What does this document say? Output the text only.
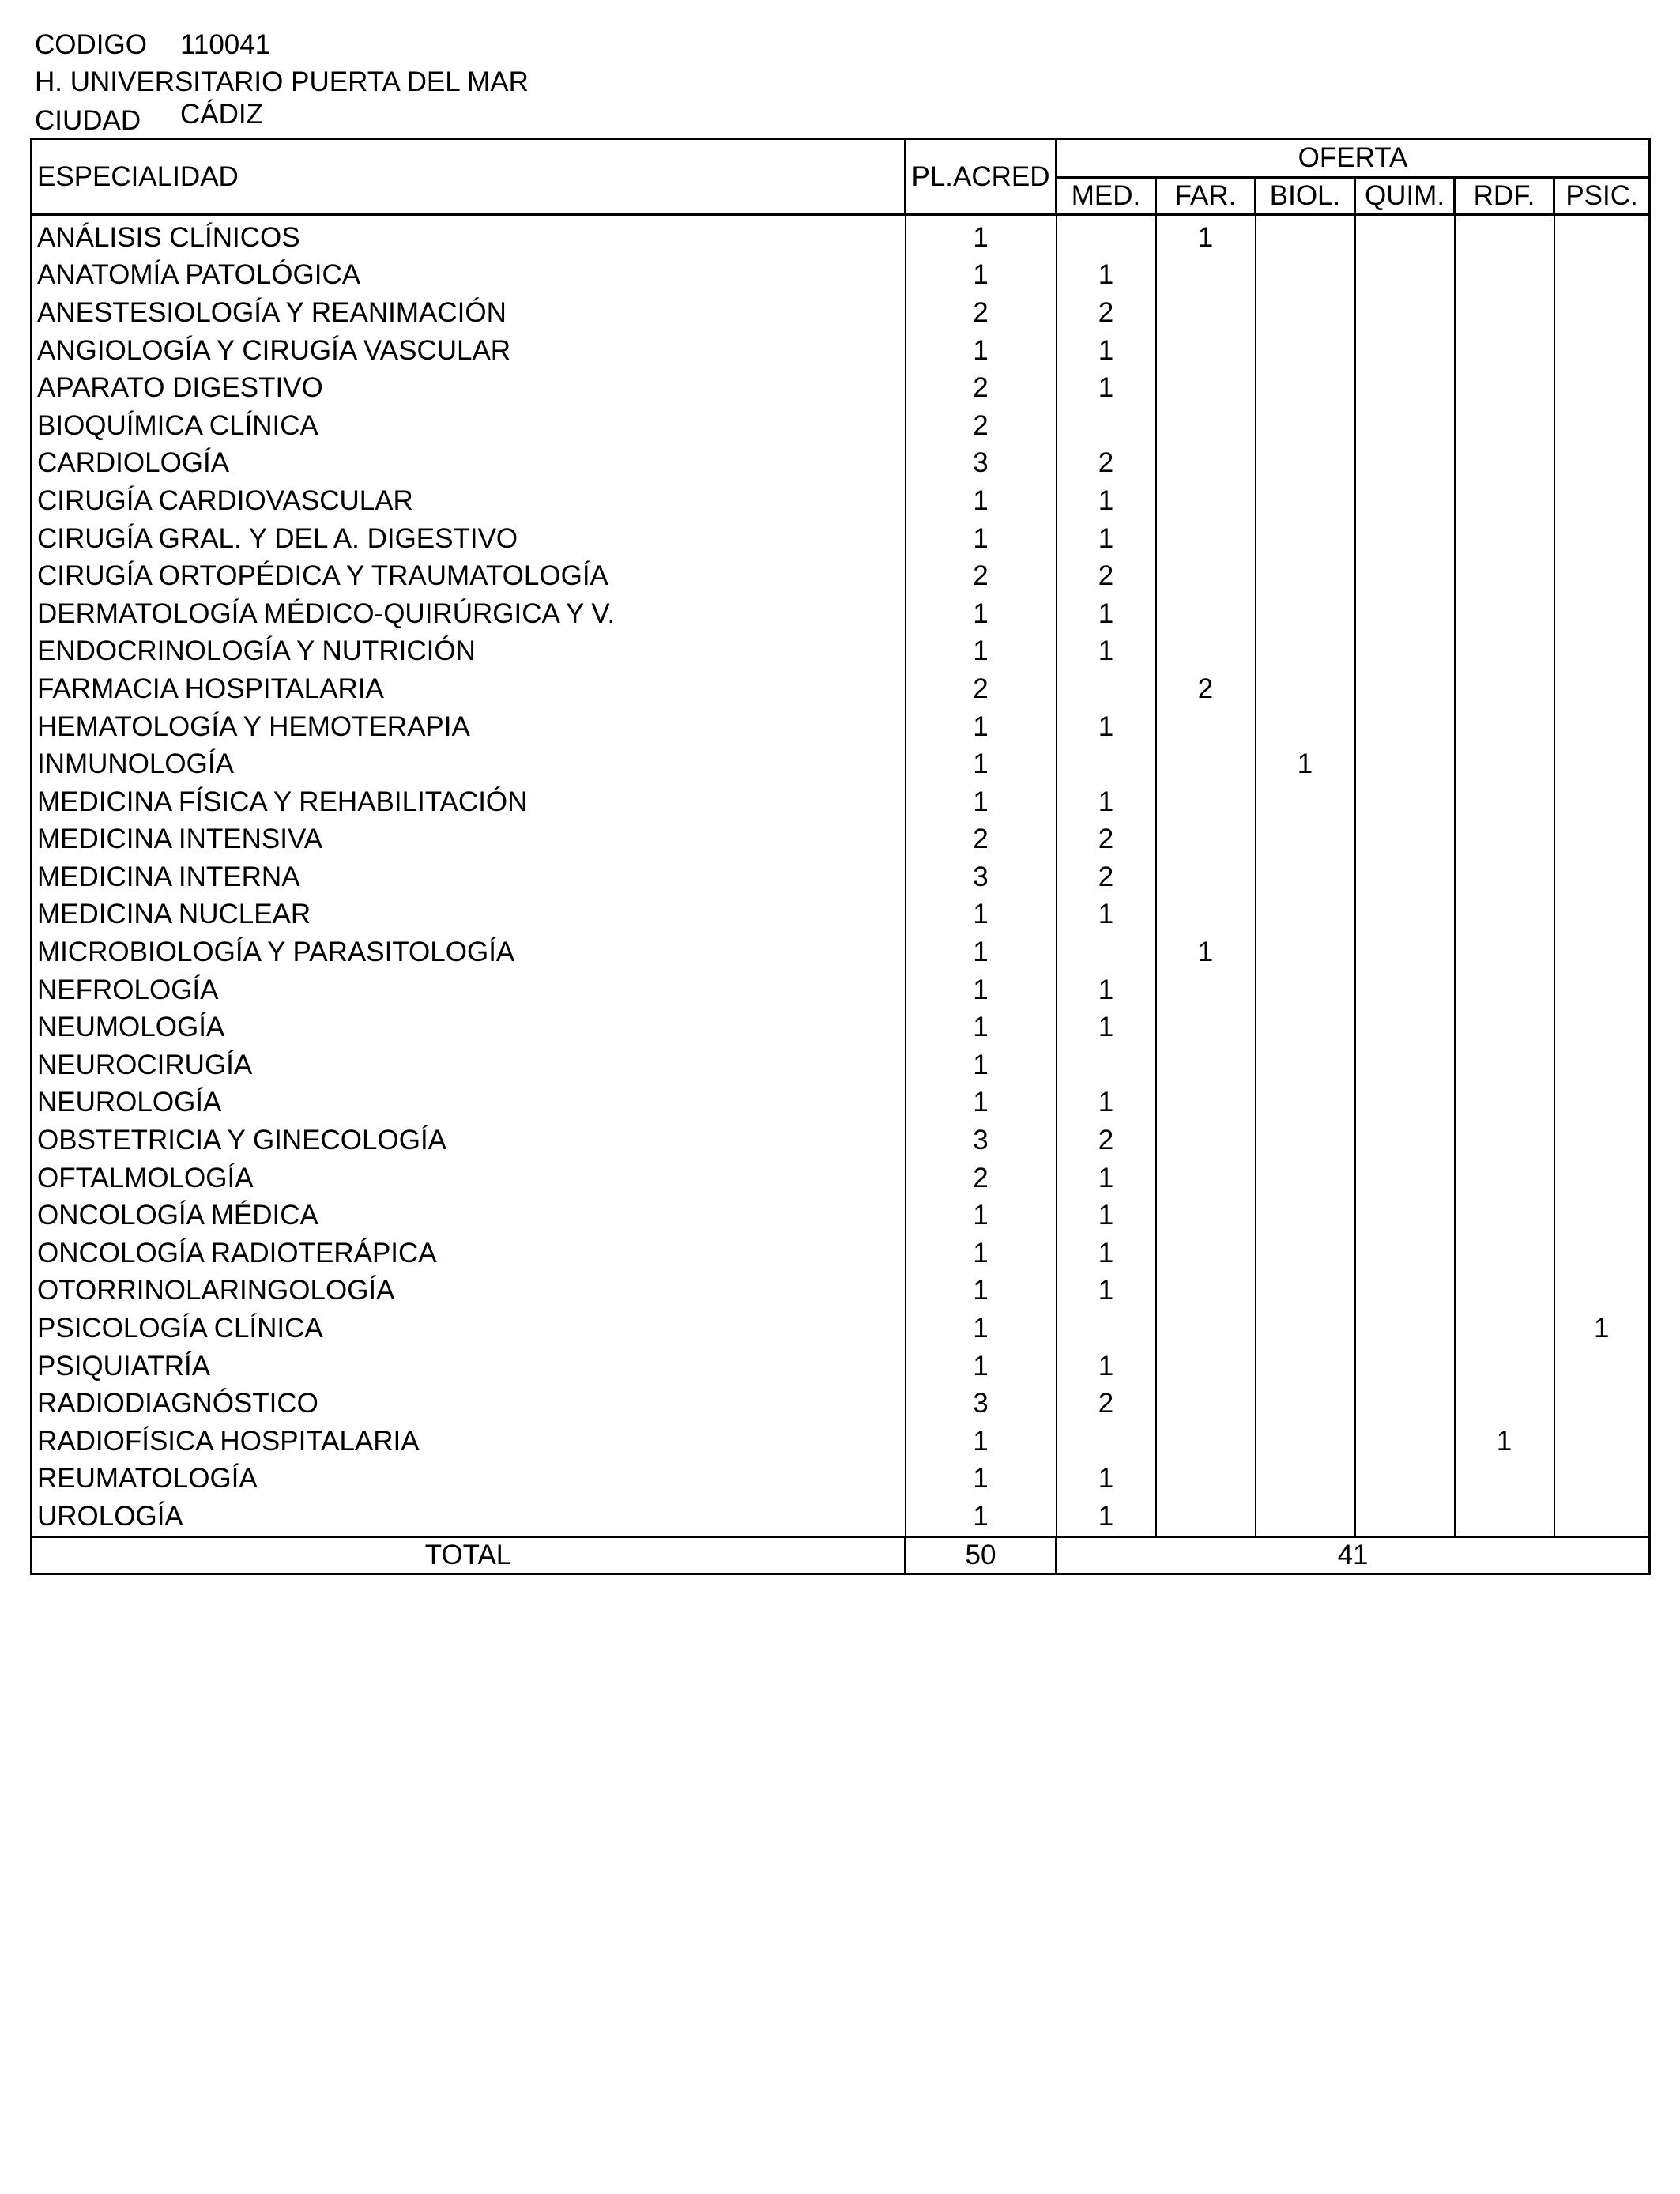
CODIGO 110041
H. UNIVERSITARIO PUERTA DEL MAR
CIUDAD CÁDIZ
ESPECIALIDAD	PL.ACRED	OFERTA					
		MED.	FAR.	BIOL.	QUIM.	RDF.	PSIC.
ANÁLISIS CLÍNICOS	1		1				
ANATOMÍA PATOLÓGICA	1	1					
ANESTESIOLOGÍA Y REANIMACIÓN	2	2					
ANGIOLOGÍA Y CIRUGÍA VASCULAR	1	1					
APARATO DIGESTIVO	2	1					
BIOQUÍMICA CLÍNICA	2						
CARDIOLOGÍA	3	2					
CIRUGÍA CARDIOVASCULAR	1	1					
CIRUGÍA GRAL. Y DEL A. DIGESTIVO	1	1					
CIRUGÍA ORTOPÉDICA Y TRAUMATOLOGÍA	2	2					
DERMATOLOGÍA MÉDICO-QUIRÚRGICA Y V.	1	1					
ENDOCRINOLOGÍA Y NUTRICIÓN	1	1					
FARMACIA HOSPITALARIA	2		2				
HEMATOLOGÍA Y HEMOTERAPIA	1	1					
INMUNOLOGÍA	1			1			
MEDICINA FÍSICA Y REHABILITACIÓN	1	1					
MEDICINA INTENSIVA	2	2					
MEDICINA INTERNA	3	2					
MEDICINA NUCLEAR	1	1					
MICROBIOLOGÍA Y PARASITOLOGÍA	1		1				
NEFROLOGÍA	1	1					
NEUMOLOGÍA	1	1					
NEUROCIRUGÍA	1						
NEUROLOGÍA	1	1					
OBSTETRICIA Y GINECOLOGÍA	3	2					
OFTALMOLOGÍA	2	1					
ONCOLOGÍA MÉDICA	1	1					
ONCOLOGÍA RADIOTERÁPICA	1	1					
OTORRINOLARINGOLOGÍA	1	1					
PSICOLOGÍA CLÍNICA	1						1
PSIQUIATRÍA	1	1					
RADIODIAGNÓSTICO	3	2					
RADIOFÍSICA HOSPITALARIA	1					1	
REUMATOLOGÍA	1	1					
UROLOGÍA	1	1					
TOTAL	50	41					
